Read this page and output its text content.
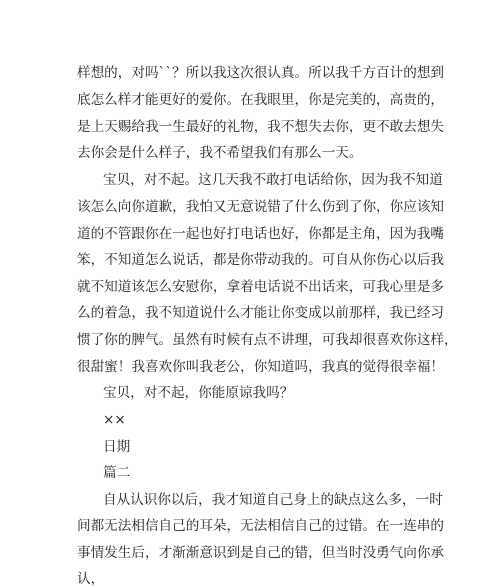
样想的，对吗``？所以我这次很认真。所以我千方百计的想到

底怎么样才能更好的爱你。在我眼里，你是完美的，高贵的，

是上天赐给我一生最好的礼物，我不想失去你，更不敢去想失

去你会是什么样子，我不希望我们有那么一天。

宝贝，对不起。这几天我不敢打电话给你，因为我不知道

该怎么向你道歉，我怕又无意说错了什么伤到了你，你应该知

道的不管跟你在一起也好打电话也好，你都是主角，因为我嘴

笨，不知道怎么说话，都是你带动我的。可自从你伤心以后我

就不知道该怎么安慰你，拿着电话说不出话来，可我心里是多

么的着急，我不知道说什么才能让你变成以前那样，我已经习

惯了你的脾气。虽然有时候有点不讲理，可我却很喜欢你这样，

很甜蜜！我喜欢你叫我老公，你知道吗，我真的觉得很幸福！

宝贝，对不起，你能原谅我吗？

××

日期

篇二

自从认识你以后，我才知道自己身上的缺点这么多，一时

间都无法相信自己的耳朵，无法相信自己的过错。在一连串的

事情发生后，才渐渐意识到是自己的错，但当时没勇气向你承

认，
